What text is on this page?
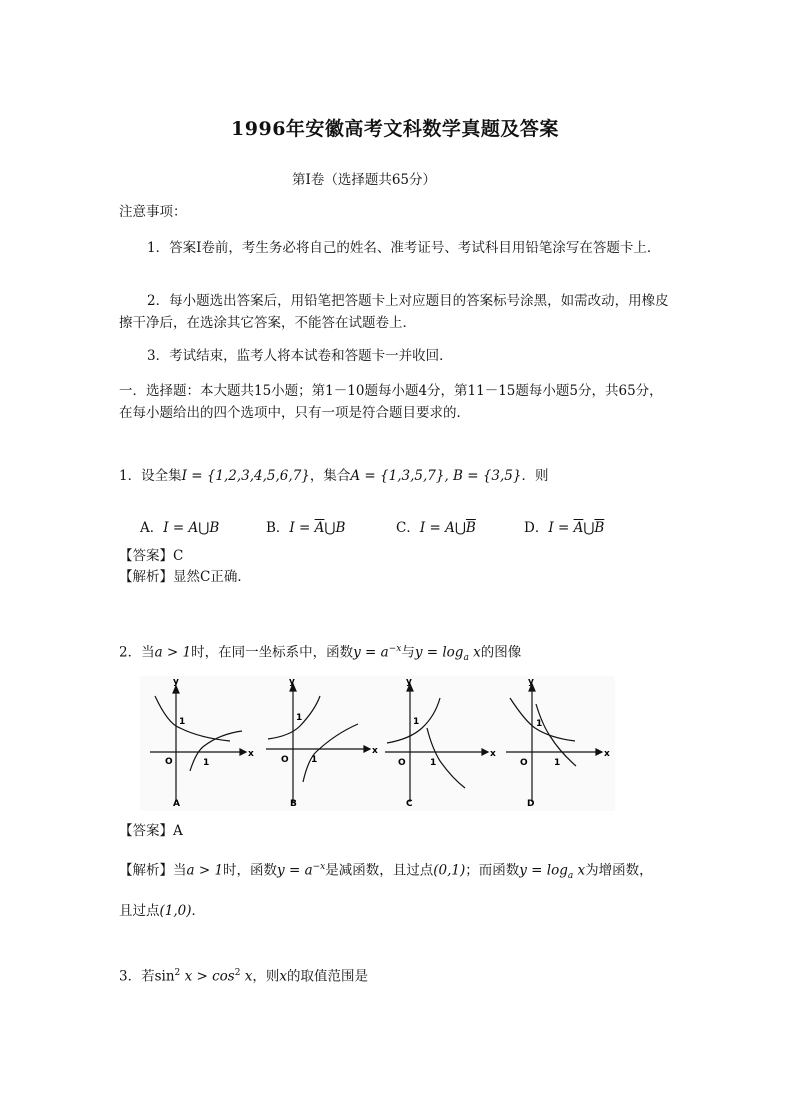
1996年安徽高考文科数学真题及答案
第Ⅰ卷（选择题共65分）
注意事项：
1．答案Ⅰ卷前，考生务必将自己的姓名、准考证号、考试科目用铅笔涂写在答题卡上．
2．每小题选出答案后，用铅笔把答题卡上对应题目的答案标号涂黑，如需改动，用橡皮擦干净后，在选涂其它答案，不能答在试题卷上．
3．考试结束，监考人将本试卷和答题卡一并收回．
一．选择题：本大题共15小题；第1－10题每小题4分，第11－15题每小题5分，共65分，在每小题给出的四个选项中，只有一项是符合题目要求的．
1．设全集I = {1,2,3,4,5,6,7}，集合A = {1,3,5,7}, B = {3,5}．则
A．I = A⋃B	B．$I = \overline{A}⋃B$	C．$I = A⋃\overline{B}$	D．$I = \overline{A}⋃\overline{B}$
【答案】C
【解析】显然C正确．
2．当a > 1时，在同一坐标系中，函数$y = a^{-x}$与$y = \log_a x$的图像
y
x
O
1
1
A
y
x
O
1
1
B
y
x
O
1
1
C
y
x
O
1
1
D
【答案】A
【解析】当a > 1时，函数$y = a^{-x}$是减函数，且过点(0,1)；而函数$y = \log_a x$为增函数，
且过点(1,0)．
3．若$\sin^2 x > \cos^2 x$，则x的取值范围是
